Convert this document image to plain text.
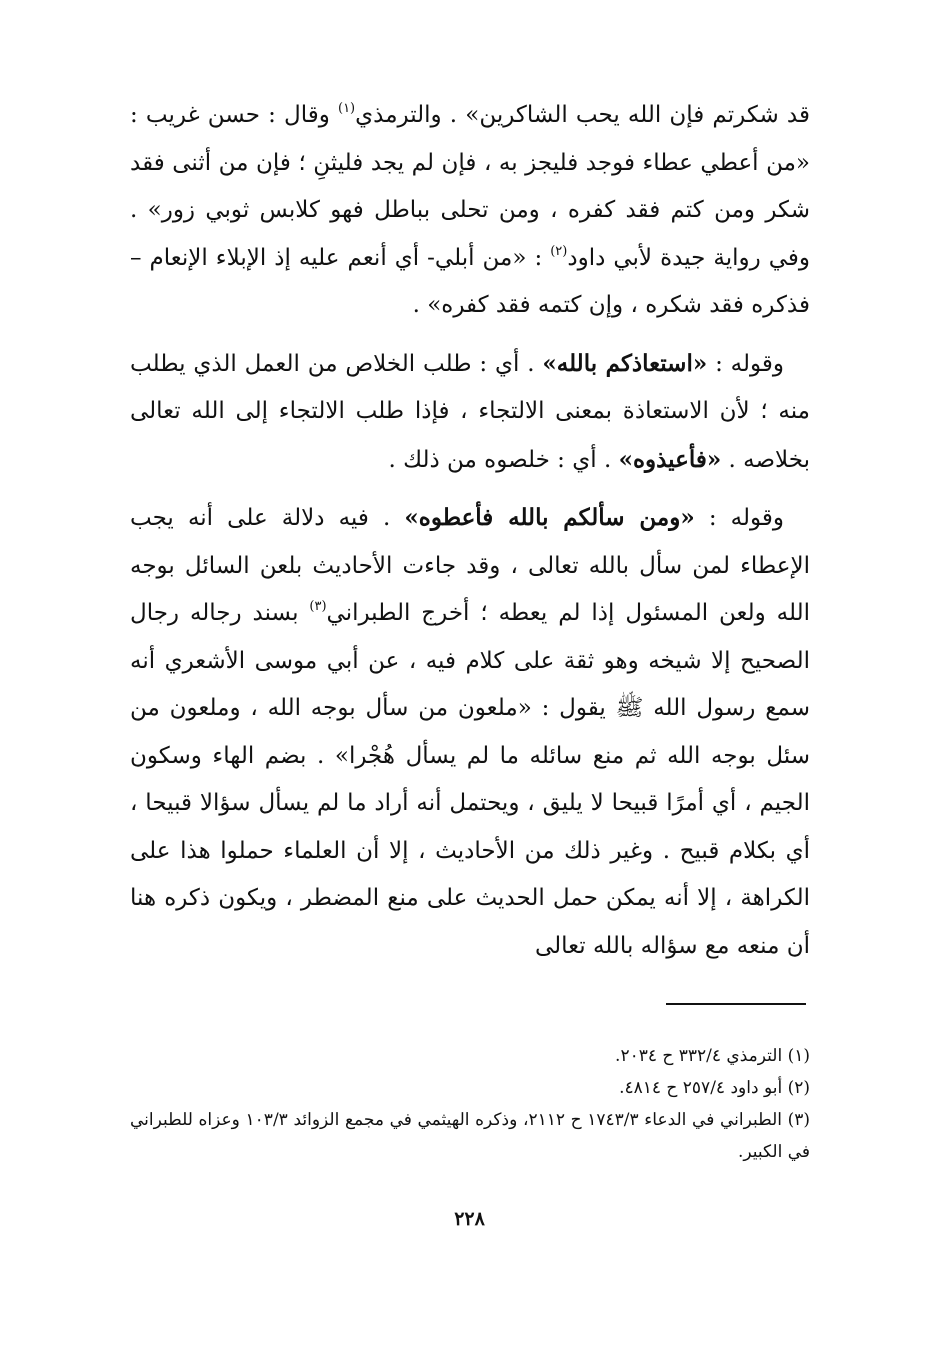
قد شكرتم فإن الله يحب الشاكرين» . والترمذي$^{(١)}$ وقال : حسن غريب : «من أعطي عطاء فوجد فليجز به ، فإن لم يجد فليثنِ ؛ فإن من أثنى فقد شكر ومن كتم فقد كفره ، ومن تحلى بباطل فهو كلابس ثوبي زور» . وفي رواية جيدة لأبي داود$^{(٢)}$ : «من أبلي- أي أنعم عليه إذ الإبلاء الإنعام – فذكره فقد شكره ، وإن كتمه فقد كفره» .

وقوله : «استعاذكم بالله» . أي : طلب الخلاص من العمل الذي يطلب منه ؛ لأن الاستعاذة بمعنى الالتجاء ، فإذا طلب الالتجاء إلى الله تعالى بخلاصه . «فأعيذوه» . أي : خلصوه من ذلك .

وقوله : «ومن سألكم بالله فأعطوه» . فيه دلالة على أنه يجب الإعطاء لمن سأل بالله تعالى ، وقد جاءت الأحاديث بلعن السائل بوجه الله ولعن المسئول إذا لم يعطه ؛ أخرج الطبراني$^{(٣)}$ بسند رجاله رجال الصحيح إلا شيخه وهو ثقة على كلام فيه ، عن أبي موسى الأشعري أنه سمع رسول الله ﷺ يقول : «ملعون من سأل بوجه الله ، وملعون من سئل بوجه الله ثم منع سائله ما لم يسأل هُجْرا» . بضم الهاء وسكون الجيم ، أي أمرًا قبيحا لا يليق ، ويحتمل أنه أراد ما لم يسأل سؤالا قبيحا ، أي بكلام قبيح . وغير ذلك من الأحاديث ، إلا أن العلماء حملوا هذا على الكراهة ، إلا أنه يمكن حمل الحديث على منع المضطر ، ويكون ذكره هنا أن منعه مع سؤاله بالله تعالى

(١) الترمذي ٣٣٢/٤ ح ٢٠٣٤.

(٢) أبو داود ٢٥٧/٤ ح ٤٨١٤.

(٣) الطبراني في الدعاء ١٧٤٣/٣ ح ٢١١٢، وذكره الهيثمي في مجمع الزوائد ١٠٣/٣ وعزاه للطبراني في الكبير.

٢٢٨
